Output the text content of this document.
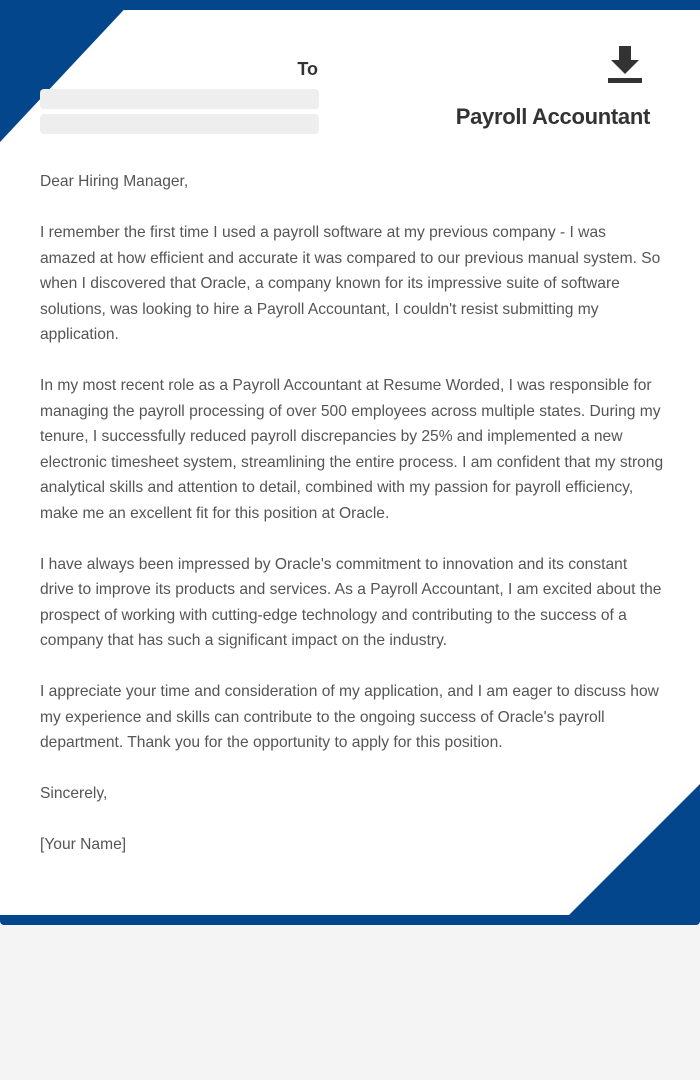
To
Payroll Accountant

Dear Hiring Manager,

I remember the first time I used a payroll software at my previous company - I was amazed at how efficient and accurate it was compared to our previous manual system. So when I discovered that Oracle, a company known for its impressive suite of software solutions, was looking to hire a Payroll Accountant, I couldn't resist submitting my application.

In my most recent role as a Payroll Accountant at Resume Worded, I was responsible for managing the payroll processing of over 500 employees across multiple states. During my tenure, I successfully reduced payroll discrepancies by 25% and implemented a new electronic timesheet system, streamlining the entire process. I am confident that my strong analytical skills and attention to detail, combined with my passion for payroll efficiency, make me an excellent fit for this position at Oracle.

I have always been impressed by Oracle's commitment to innovation and its constant drive to improve its products and services. As a Payroll Accountant, I am excited about the prospect of working with cutting-edge technology and contributing to the success of a company that has such a significant impact on the industry.

I appreciate your time and consideration of my application, and I am eager to discuss how my experience and skills can contribute to the ongoing success of Oracle's payroll department. Thank you for the opportunity to apply for this position.

Sincerely,

[Your Name]
